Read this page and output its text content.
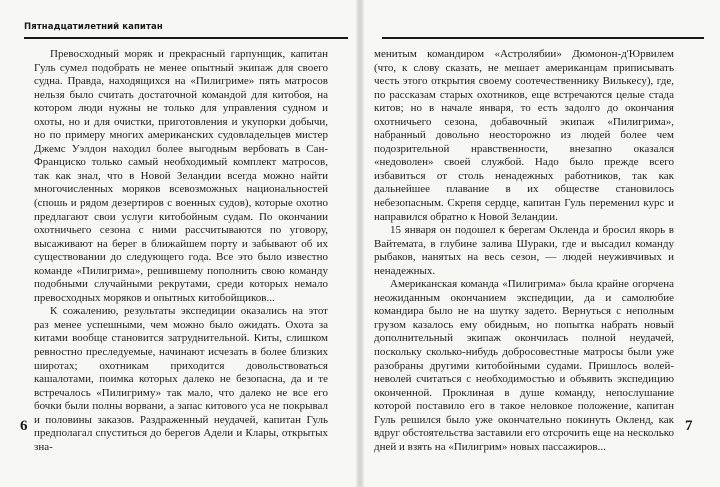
Пятнадцатилетний капитан

Превосходный моряк и прекрасный гарпунщик, капитан Гуль сумел подобрать не менее опытный экипаж для своего судна. Правда, находящихся на «Пилигриме» пять матросов нельзя было считать достаточной командой для китобоя, на котором люди нужны не только для управления судном и охоты, но и для очистки, приготовления и укупорки добычи, но по примеру многих американских судовладельцев мистер Джемс Уэлдон находил более выгодным вербовать в Сан-Франциско только самый необходимый комплект матросов, так как знал, что в Новой Зеландии всегда можно найти многочисленных моряков всевозможных национальностей (спошь и рядом дезертиров с военных судов), которые охотно предлагают свои услуги китобойным судам. По окончании охотничьего сезона с ними рассчитываются по уговору, высаживают на берег в ближайшем порту и забывают об их существовании до следующего года. Все это было известно команде «Пилигрима», решившему пополнить свою команду подобными случайными рекрутами, среди которых немало превосходных моряков и опытных китобойщиков...

К сожалению, результаты экспедиции оказались на этот раз менее успешными, чем можно было ожидать. Охота за китами вообще становится затруднительной. Киты, слишком ревностно преследуемые, начинают исчезать в более близких широтах; охотникам приходится довольствоваться кашалотами, поимка которых далеко не безопасна, да и те встречалось «Пилигриму» так мало, что далеко не все его бочки были полны ворвани, а запас китового уса не покрывал и половины заказов. Раздраженный неудачей, капитан Гуль предполагал спуститься до берегов Адели и Клары, открытых зна-

6

менитым командиром «Астролябии» Дюмонон-д'Юрвилем (что, к слову сказать, не мешает американцам приписывать честь этого открытия своему соотечественнику Вилькесу), где, по рассказам старых охотников, еще встречаются целые стада китов; но в начале января, то есть задолго до окончания охотничьего сезона, добавочный экипаж «Пилигрима», набранный довольно неосторожно из людей более чем подозрительной нравственности, внезапно оказался «недоволен» своей службой. Надо было прежде всего избавиться от столь ненадежных работников, так как дальнейшее плавание в их обществе становилось небезопасным. Скрепя сердце, капитан Гуль переменил курс и направился обратно к Новой Зеландии.

15 января он подошел к берегам Окленда и бросил якорь в Вайтемата, в глубине залива Шураки, где и высадил команду рыбаков, нанятых на весь сезон, — людей неуживчивых и ненадежных.

Американская команда «Пилигрима» была крайне огорчена неожиданным окончанием экспедиции, да и самолюбие командира было не на шутку задето. Вернуться с неполным грузом казалось ему обидным, но попытка набрать новый дополнительный экипаж окончилась полной неудачей, поскольку сколько-нибудь добросовестные матросы были уже разобраны другими китобойными судами. Пришлось волей-неволей считаться с необходимостью и объявить экспедицию оконченной. Проклиная в душе команду, непослушание которой поставило его в такое неловкое положение, капитан Гуль решился было уже окончательно покинуть Окленд, как вдруг обстоятельства заставили его отсрочить еще на несколько дней и взять на «Пилигрим» новых пассажиров...

7
